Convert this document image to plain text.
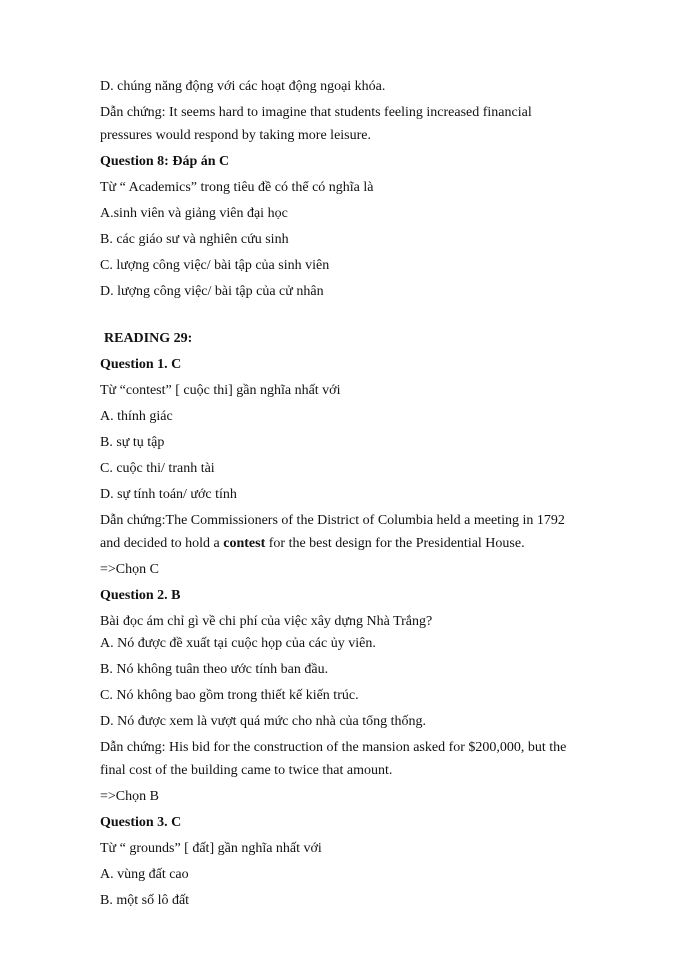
D. chúng năng động với các hoạt động ngoại khóa.

Dẫn chứng: It seems hard to imagine that students feeling increased financial

pressures would respond by taking more leisure.

Question 8: Đáp án C

Từ “ Academics” trong tiêu đề có thể có nghĩa là

A.sinh viên và giảng viên đại học

B. các giáo sư và nghiên cứu sinh

C. lượng công việc/ bài tập của sinh viên

D. lượng công việc/ bài tập của cử nhân

READING 29:

Question 1. C

Từ “contest” [ cuộc thi] gần nghĩa nhất với

A. thính giác

B. sự tụ tập

C. cuộc thi/ tranh tài

D. sự tính toán/ ước tính

Dẫn chứng:The Commissioners of the District of Columbia held a meeting in 1792

and decided to hold a contest for the best design for the Presidential House.

=>Chọn C

Question 2. B

Bài đọc ám chỉ gì về chi phí của việc xây dựng Nhà Trắng?

A. Nó được đề xuất tại cuộc họp của các ủy viên.

B. Nó không tuân theo ước tính ban đầu.

C. Nó không bao gồm trong thiết kế kiến trúc.

D. Nó được xem là vượt quá mức cho nhà của tổng thống.

Dẫn chứng: His bid for the construction of the mansion asked for $200,000, but the

final cost of the building came to twice that amount.

=>Chọn B

Question 3. C

Từ “ grounds” [ đất] gần nghĩa nhất với

A. vùng đất cao

B. một số lô đất
